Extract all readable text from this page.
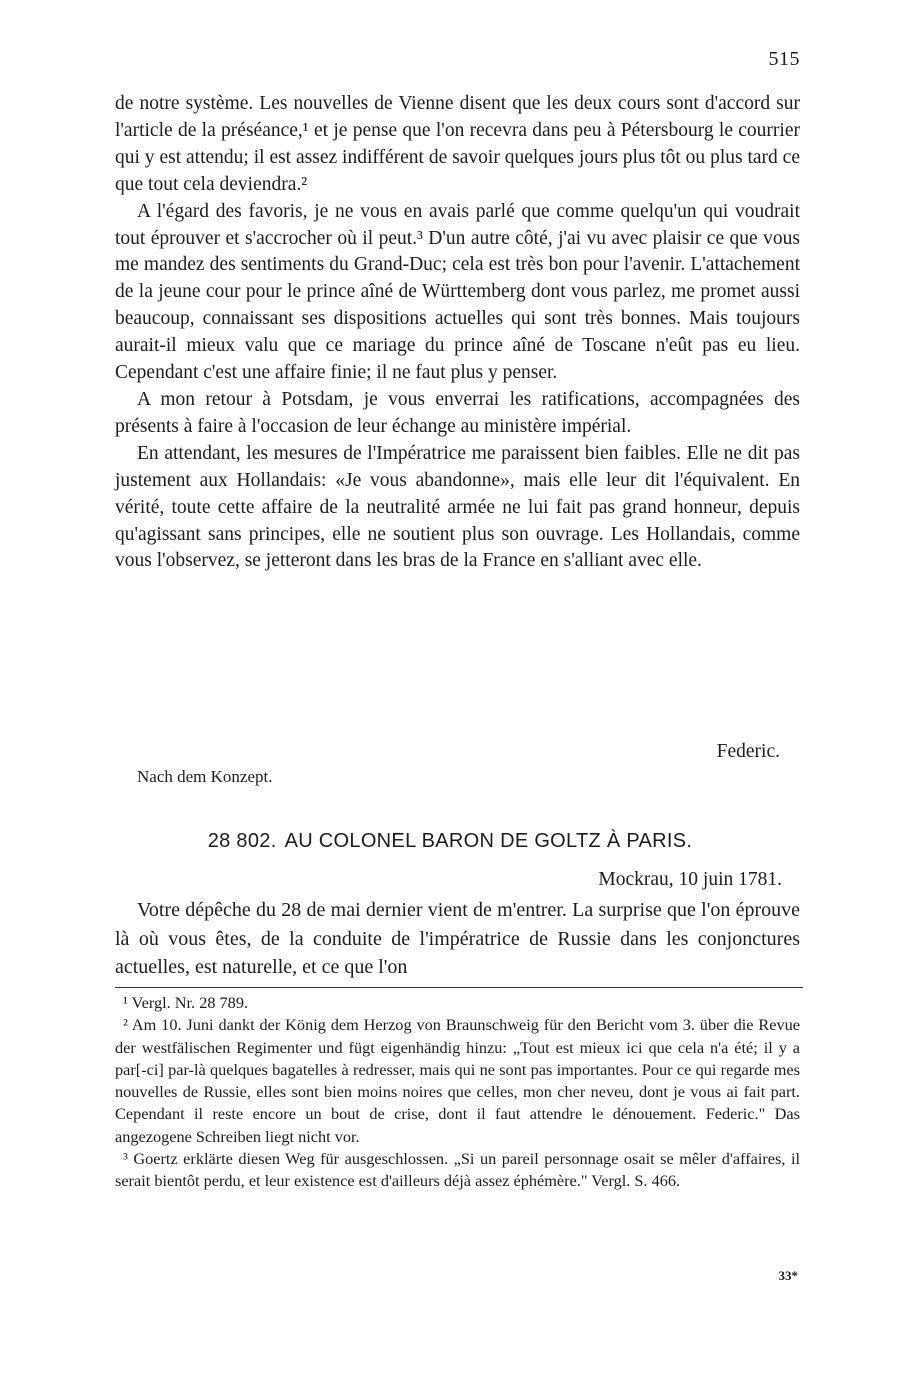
515

de notre système. Les nouvelles de Vienne disent que les deux cours sont d'accord sur l'article de la préséance,¹ et je pense que l'on recevra dans peu à Pétersbourg le courrier qui y est attendu; il est assez indifférent de savoir quelques jours plus tôt ou plus tard ce que tout cela deviendra.²

A l'égard des favoris, je ne vous en avais parlé que comme quelqu'un qui voudrait tout éprouver et s'accrocher où il peut.³ D'un autre côté, j'ai vu avec plaisir ce que vous me mandez des sentiments du Grand-Duc; cela est très bon pour l'avenir. L'attachement de la jeune cour pour le prince aîné de Württemberg dont vous parlez, me promet aussi beaucoup, connaissant ses dispositions actuelles qui sont très bonnes. Mais toujours aurait-il mieux valu que ce mariage du prince aîné de Toscane n'eût pas eu lieu. Cependant c'est une affaire finie; il ne faut plus y penser.

A mon retour à Potsdam, je vous enverrai les ratifications, accompagnées des présents à faire à l'occasion de leur échange au ministère impérial.

En attendant, les mesures de l'Impératrice me paraissent bien faibles. Elle ne dit pas justement aux Hollandais: «Je vous abandonne», mais elle leur dit l'équivalent. En vérité, toute cette affaire de la neutralité armée ne lui fait pas grand honneur, depuis qu'agissant sans principes, elle ne soutient plus son ouvrage. Les Hollandais, comme vous l'observez, se jetteront dans les bras de la France en s'alliant avec elle.

Federic.
Nach dem Konzept.
28 802. AU COLONEL BARON DE GOLTZ À PARIS.
Mockrau, 10 juin 1781.

Votre dépêche du 28 de mai dernier vient de m'entrer. La surprise que l'on éprouve là où vous êtes, de la conduite de l'impératrice de Russie dans les conjonctures actuelles, est naturelle, et ce que l'on

¹ Vergl. Nr. 28 789.

² Am 10. Juni dankt der König dem Herzog von Braunschweig für den Bericht vom 3. über die Revue der westfälischen Regimenter und fügt eigenhändig hinzu: „Tout est mieux ici que cela n'a été; il y a par[-ci] par-là quelques bagatelles à redresser, mais qui ne sont pas importantes. Pour ce qui regarde mes nouvelles de Russie, elles sont bien moins noires que celles, mon cher neveu, dont je vous ai fait part. Cependant il reste encore un bout de crise, dont il faut attendre le dénouement. Federic." Das angezogene Schreiben liegt nicht vor.

³ Goertz erklärte diesen Weg für ausgeschlossen. „Si un pareil personnage osait se mêler d'affaires, il serait bientôt perdu, et leur existence est d'ailleurs déjà assez éphémère." Vergl. S. 466.

33*
